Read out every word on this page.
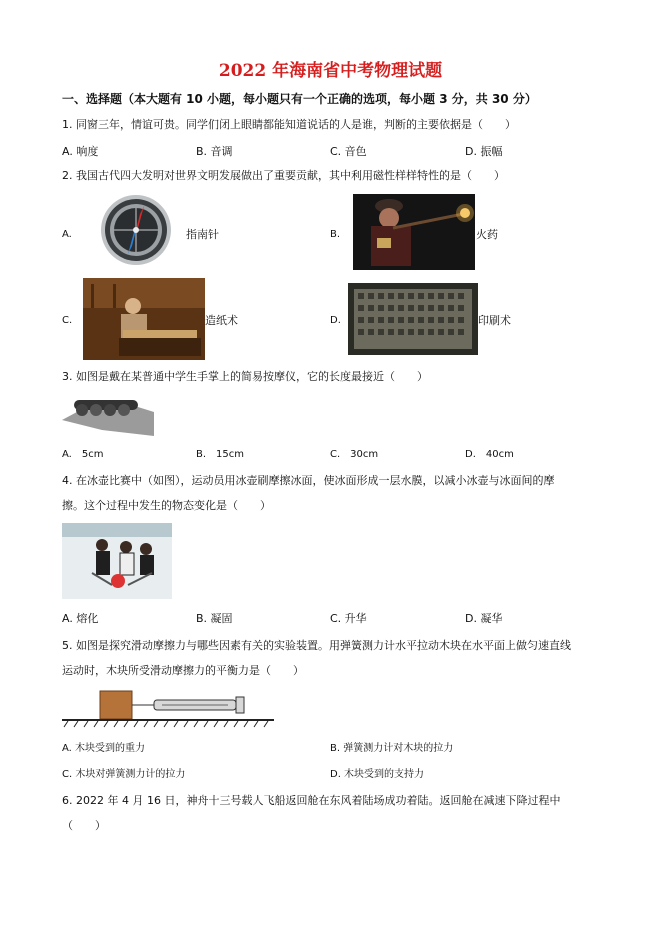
2022 年海南省中考物理试题
一、选择题（本大题有 10 小题，每小题只有一个正确的选项，每小题 3 分，共 30 分）
1. 同窗三年，情谊可贵。同学们闭上眼睛都能知道说话的人是谁，判断的主要依据是（　　）
A. 响度	B. 音调	C. 音色	D. 振幅
2. 我国古代四大发明对世界文明发展做出了重要贡献，其中利用磁性样样特性的是（　　）
A.	指南针	B.	火药
C.	造纸术	D.	印刷术
3. 如图是戴在某普通中学生手掌上的简易按摩仪，它的长度最接近（　　）
A.　5cm	B.　15cm	C.　30cm	D.　40cm
4. 在冰壶比赛中（如图），运动员用冰壶刷摩擦冰面，使冰面形成一层水膜，以减小冰壶与冰面间的摩
擦。这个过程中发生的物态变化是（　　）
A. 熔化	B. 凝固	C. 升华	D. 凝华
5. 如图是探究滑动摩擦力与哪些因素有关的实验装置。用弹簧测力计水平拉动木块在水平面上做匀速直线
运动时，木块所受滑动摩擦力的平衡力是（　　）
A. 木块受到的重力	B. 弹簧测力计对木块的拉力
C. 木块对弹簧测力计的拉力	D. 木块受到的支持力
6. 2022 年 4 月 16 日，神舟十三号载人飞船返回舱在东风着陆场成功着陆。返回舱在减速下降过程中
（　　）
